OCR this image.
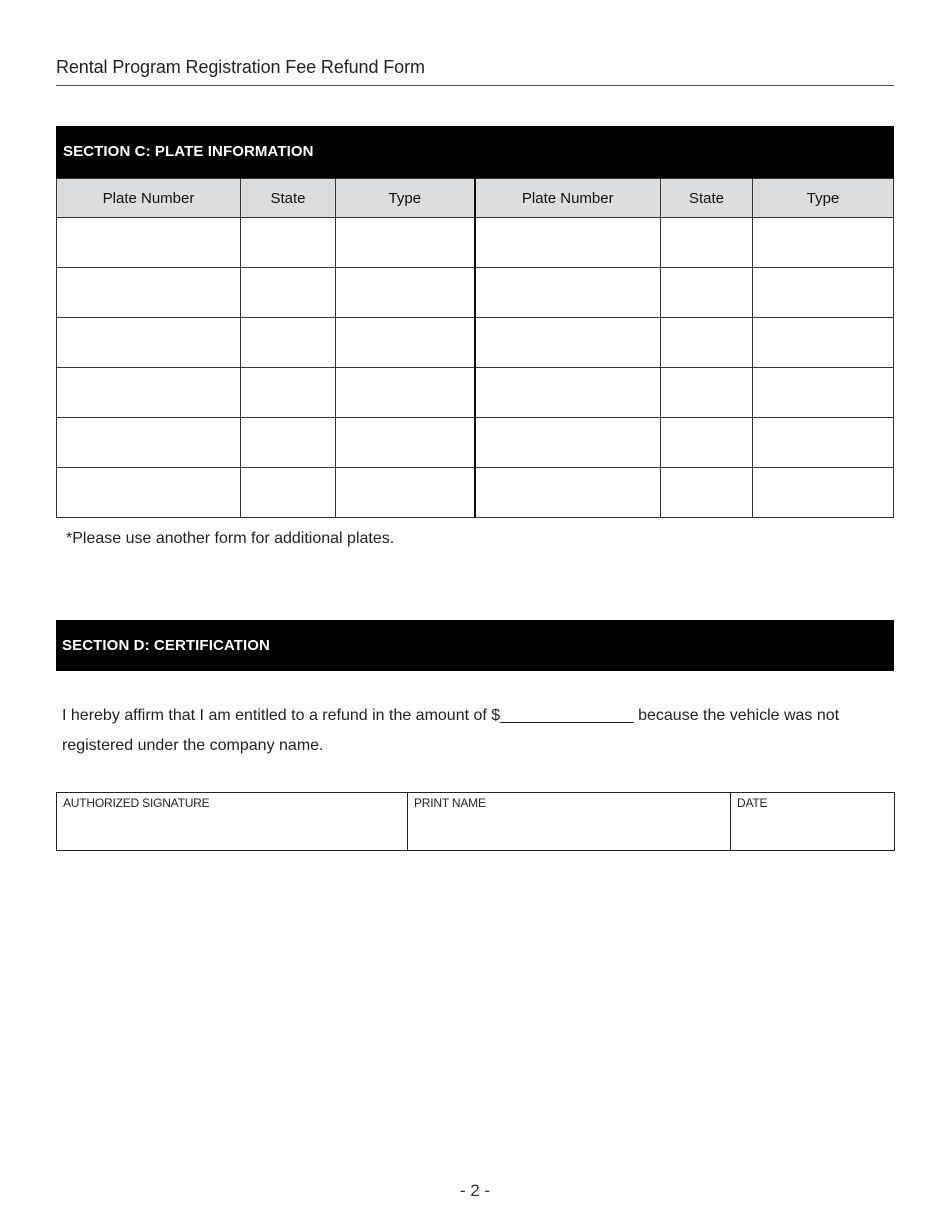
Rental Program Registration Fee Refund Form
SECTION C: PLATE INFORMATION
Plate Number	State	Type	Plate Number	State	Type

*Please use another form for additional plates.
SECTION D: CERTIFICATION
I hereby affirm that I am entitled to a refund in the amount of $_______________ because the vehicle was not registered under the company name.
AUTHORIZED SIGNATURE	PRINT NAME	DATE
- 2 -
